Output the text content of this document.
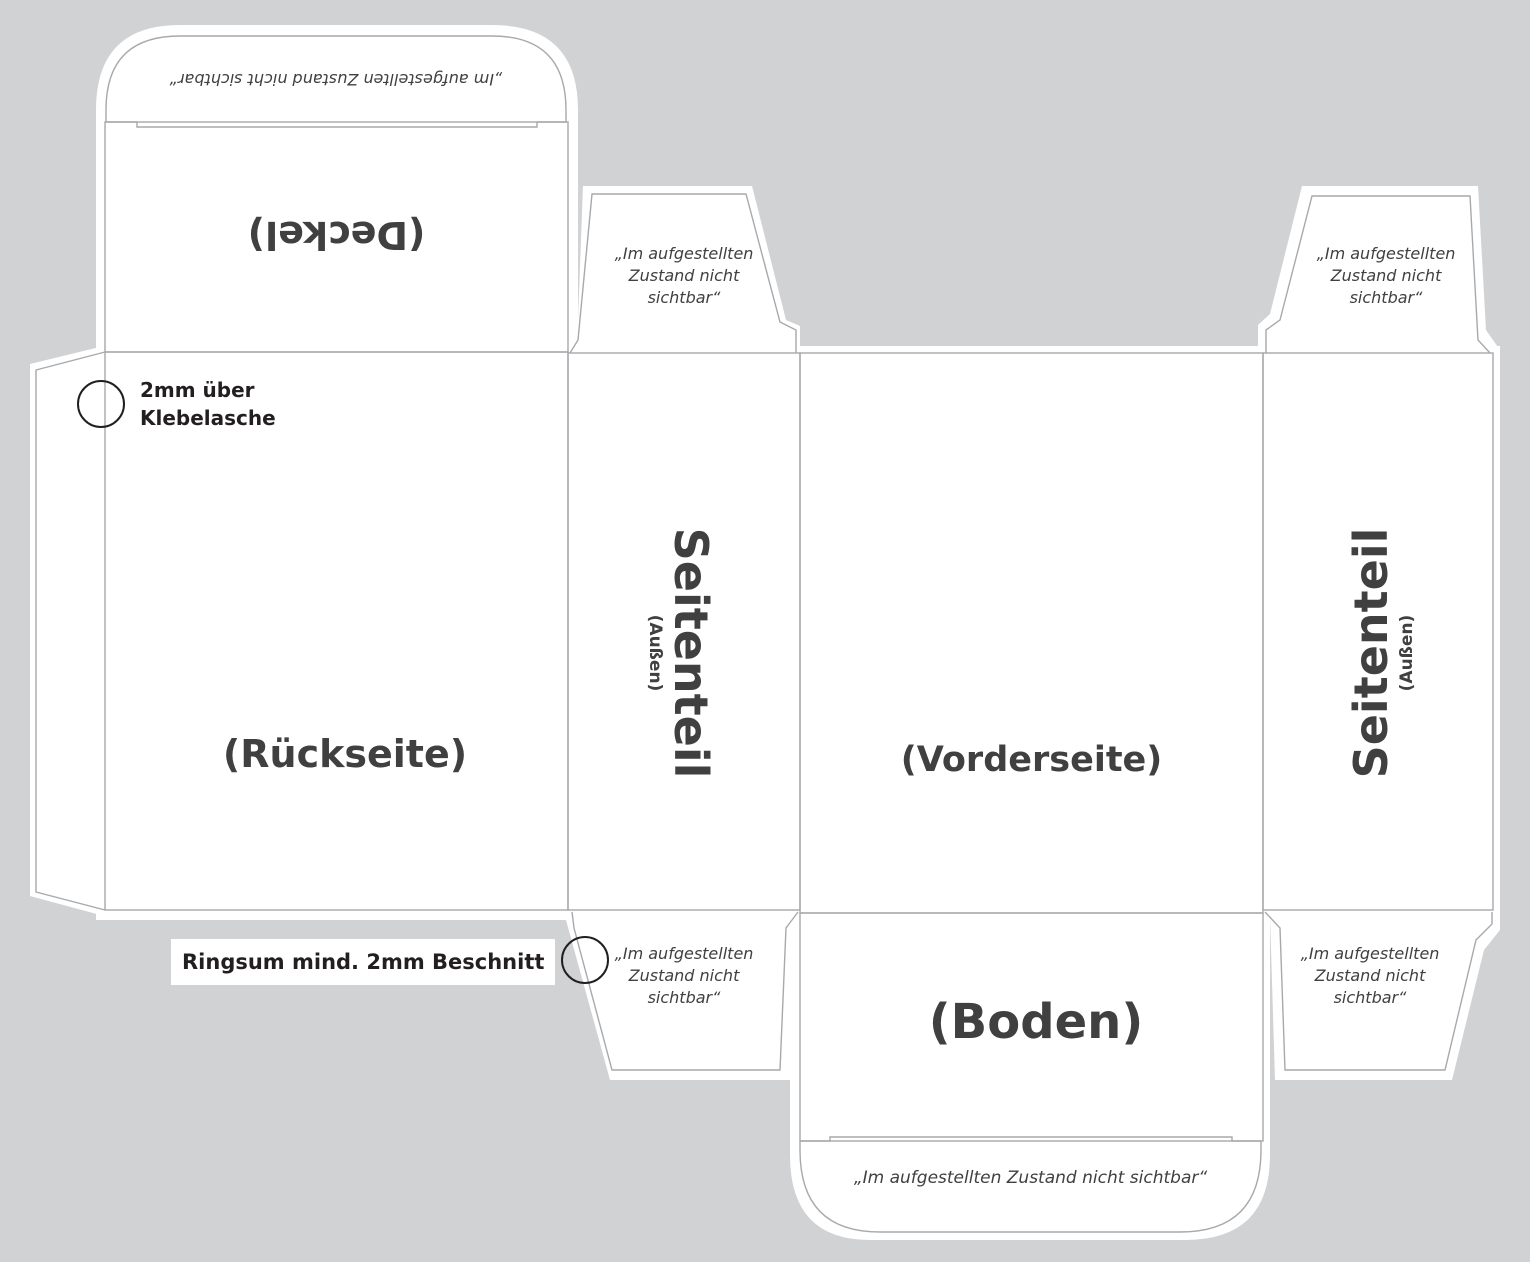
„Im aufgestellten Zustand nicht sichtbar“
(Deckel)
2mm über
Klebelasche
(Rückseite)
„Im aufgestellten
Zustand nicht
sichtbar“
„Im aufgestellten
Zustand nicht
sichtbar“
„Im aufgestellten
Zustand nicht
sichtbar“
„Im aufgestellten
Zustand nicht
sichtbar“
Seitenteil
(Außen)
(Vorderseite)	Seitenteil (Außen)
Ringsum mind. 2mm Beschnitt
(Boden)
„Im aufgestellten Zustand nicht sichtbar“
